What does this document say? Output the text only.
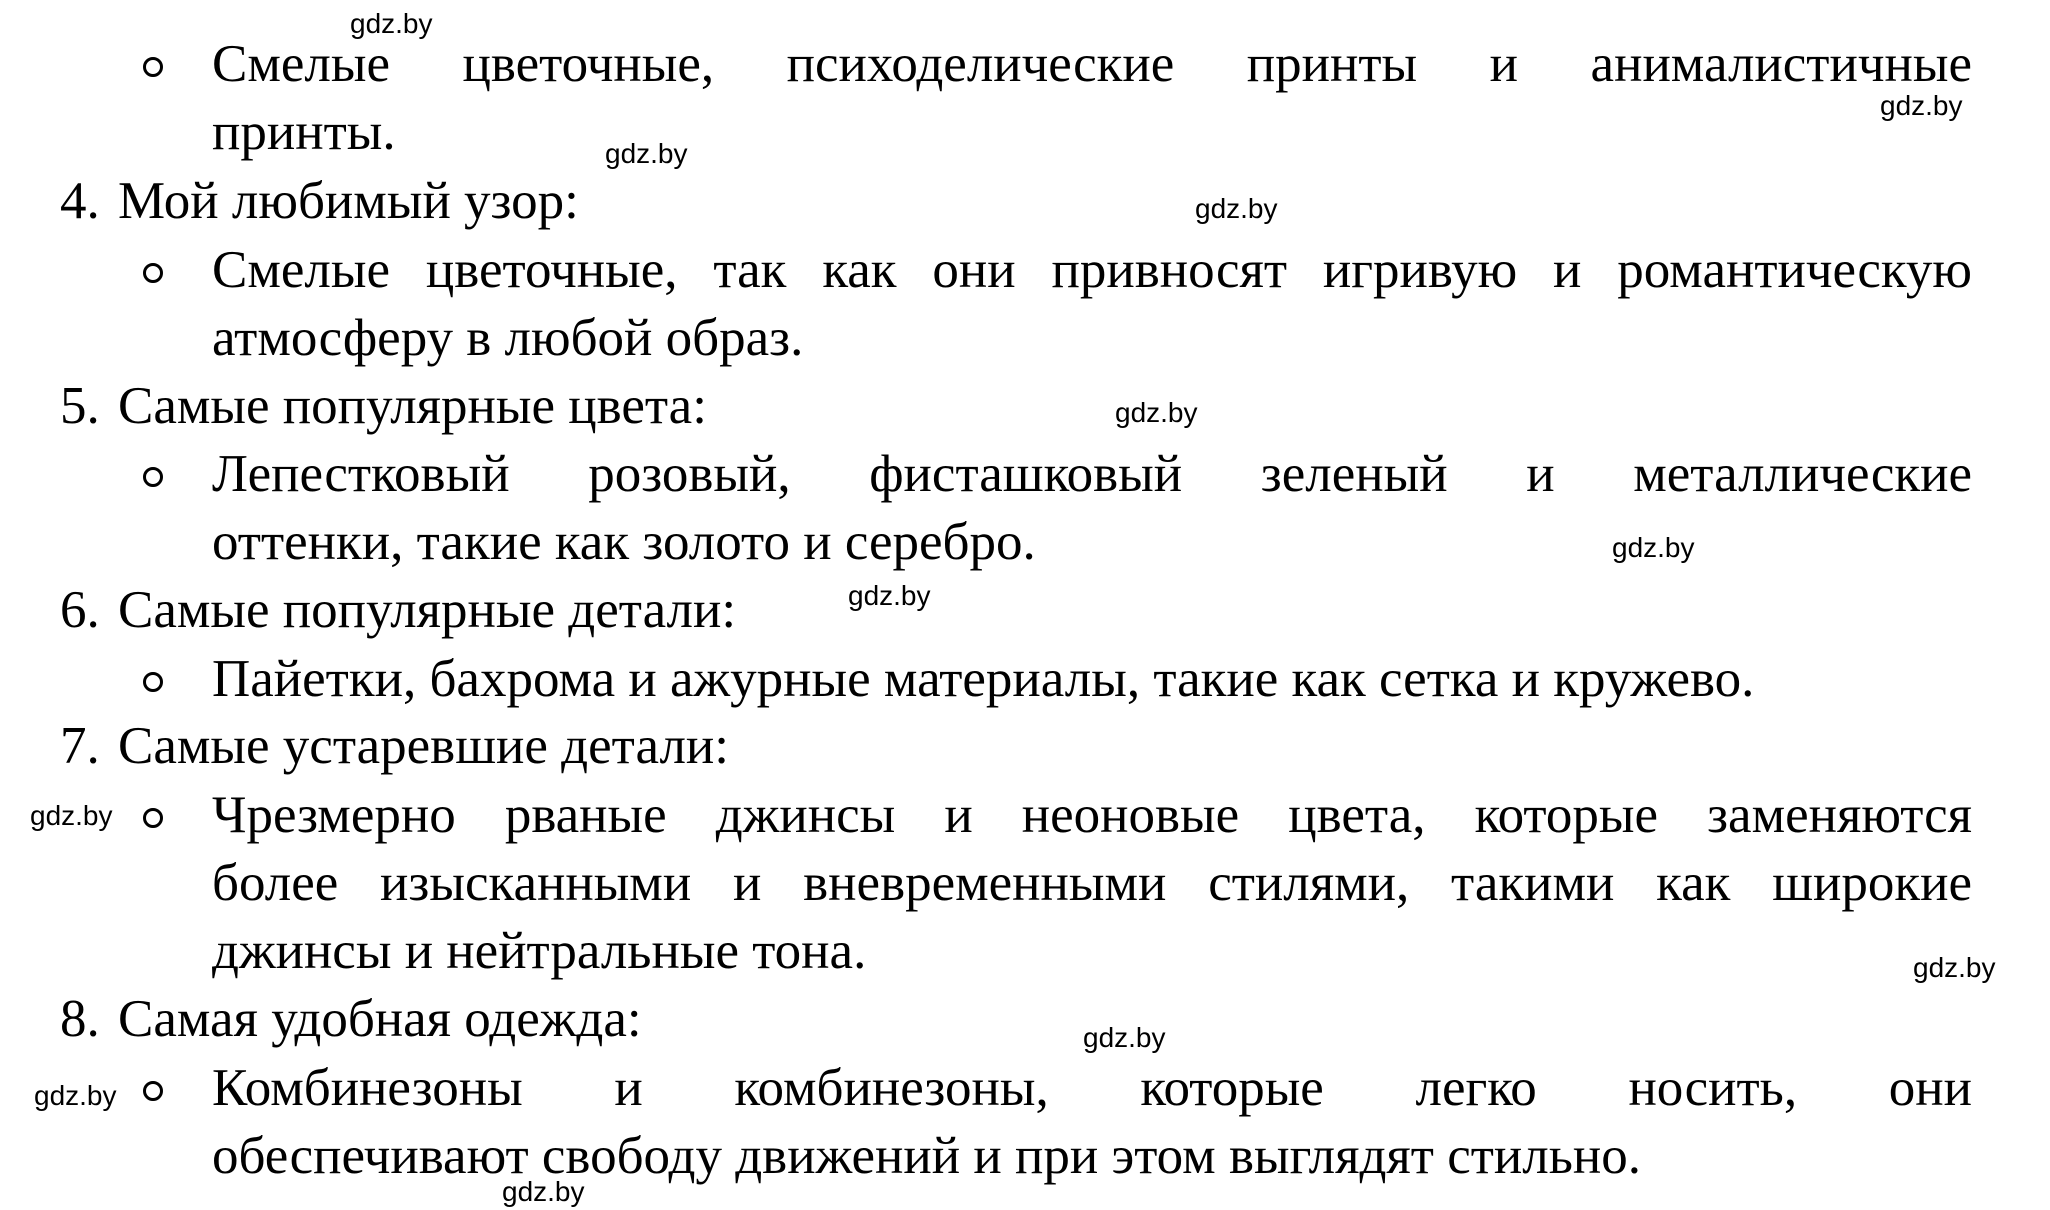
Смелые цветочные, психоделические принты и анималистичные
принты.
4. Мой любимый узор:
Смелые цветочные, так как они привносят игривую и романтическую
атмосферу в любой образ.
5. Самые популярные цвета:
Лепестковый розовый, фисташковый зеленый и металлические
оттенки, такие как золото и серебро.
6. Самые популярные детали:
Пайетки, бахрома и ажурные материалы, такие как сетка и кружево.
7. Самые устаревшие детали:
Чрезмерно рваные джинсы и неоновые цвета, которые заменяются
более изысканными и вневременными стилями, такими как широкие
джинсы и нейтральные тона.
8. Самая удобная одежда:
Комбинезоны и комбинезоны, которые легко носить, они
обеспечивают свободу движений и при этом выглядят стильно.
gdz.by
gdz.by
gdz.by
gdz.by
gdz.by
gdz.by
gdz.by
gdz.by
gdz.by
gdz.by
gdz.by
gdz.by
